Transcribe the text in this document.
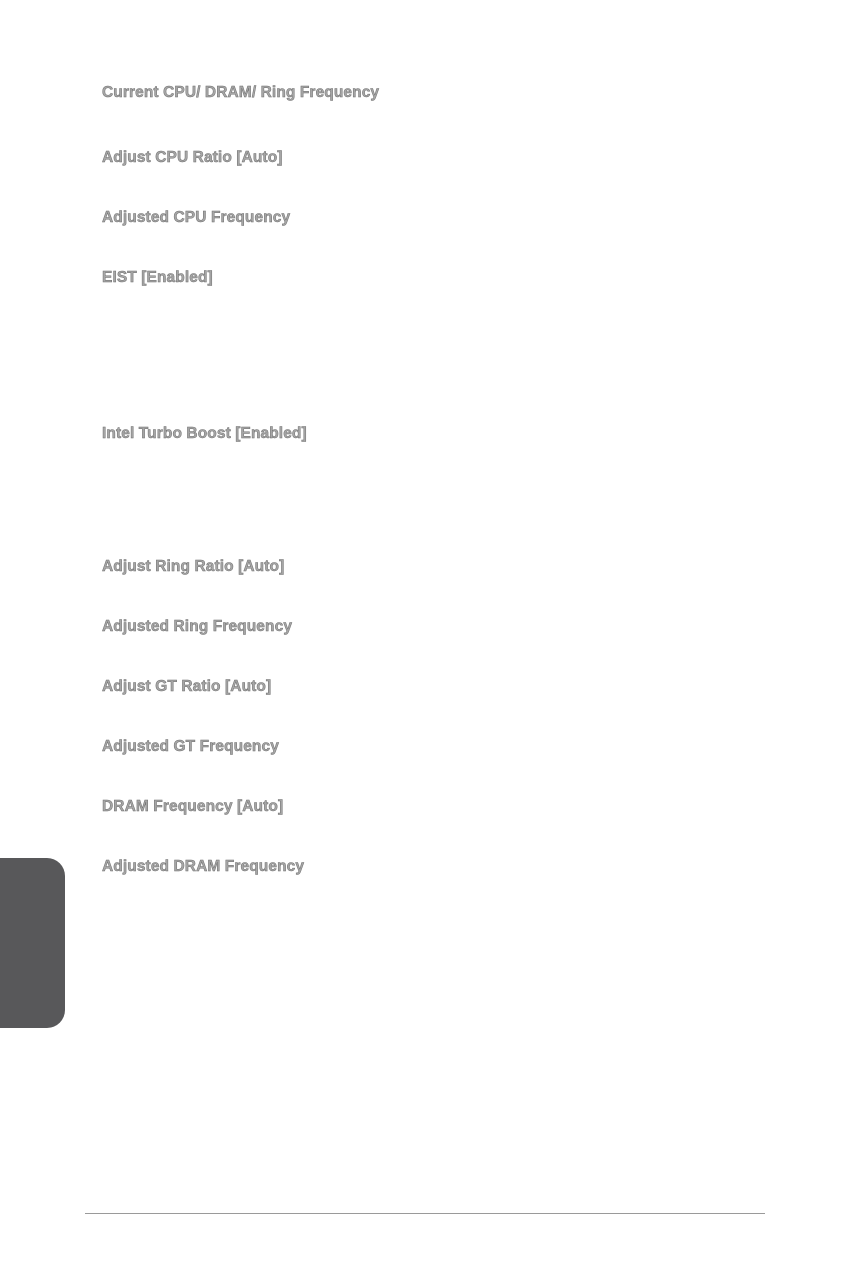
Current CPU/ DRAM/ Ring Frequency
Adjust CPU Ratio [Auto]
Adjusted CPU Frequency
EIST [Enabled]
Intel Turbo Boost [Enabled]
Adjust Ring Ratio [Auto]
Adjusted Ring Frequency
Adjust GT Ratio [Auto]
Adjusted GT Frequency
DRAM Frequency [Auto]
Adjusted DRAM Frequency
